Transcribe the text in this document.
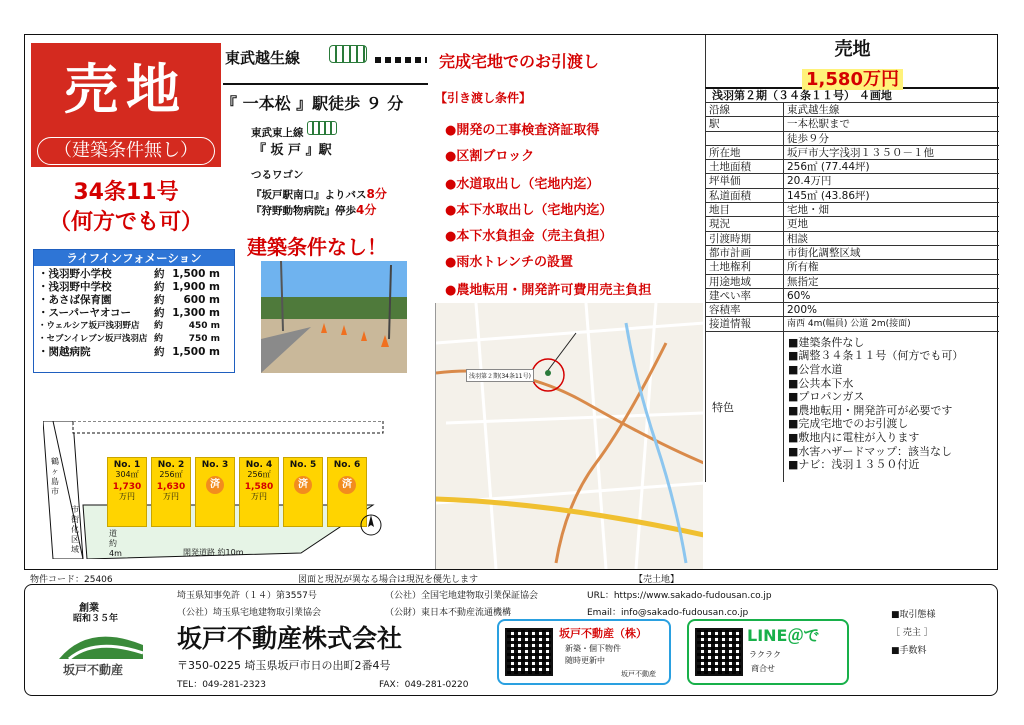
売地
（建築条件無し）
34条11号
（何方でも可）
東武越生線
『 一本松 』駅徒歩 ９ 分
東武東上線
『 坂 戸 』駅
つるワゴン
『坂戸駅南口』よりバス8分
『狩野動物病院』停歩4分
建築条件なし！
完成宅地でのお引渡し
【引き渡し条件】
●開発の工事検査済証取得
●区割ブロック
●水道取出し（宅地内迄）
●本下水取出し（宅地内迄）
●本下水負担金（売主負担）
●雨水トレンチの設置
●農地転用・開発許可費用売主負担
ライフインフォメーション
・浅羽野小学校	約 1,500 m
・浅羽野中学校	約 1,900 m
・あさば保育園	約	600 m
・スーパーヤオコー	約 1,300 m
・ウェルシア坂戸浅羽野店	約	450 m
・セブンイレブン坂戸浅羽店 約	750 m
・関越病院	約 1,500 m
浅羽第２期(34条11号)
鶴ヶ島市
市街化区域
道約4m	開発道路 約10m
No. 1
304㎡
1,730
万円
No. 2
256㎡
1,630
万円
No. 3
済
No. 4
256㎡
1,580
万円
No. 5
済
No. 6
済
売地
1,580万円
浅羽第２期（３４条１１号） ４画地
沿線	東武越生線
駅	一本松駅まで
徒歩９分
所在地	坂戸市大字浅羽１３５０－１他
土地面積	256㎡ (77.44坪)
坪単価	20.4万円
私道面積	145㎡ (43.86坪)
地目	宅地・畑
現況	更地
引渡時期	相談
都市計画	市街化調整区域
土地権利	所有権
用途地域	無指定
建ぺい率	60%
容積率	200%
接道情報	南西 4m(幅員) 公道 2m(接面)
特色
■建築条件なし
■調整３４条１１号（何方でも可）
■公営水道
■公共本下水
■プロパンガス
■農地転用・開発許可が必要です
■完成宅地でのお引渡し
■敷地内に電柱が入ります
■水害ハザードマップ：該当なし
■ナビ：浅羽１３５０付近
物件コード：25406	図面と現況が異なる場合は現況を優先します	【売土地】
創業
昭和３５年
坂戸不動産
埼玉県知事免許（１４）第3557号	（公社）全国宅地建物取引業保証協会
（公社）埼玉県宅地建物取引業協会	（公財）東日本不動産流通機構
URL：https://www.sakado-fudousan.co.jp
Email：info@sakado-fudousan.co.jp
坂戸不動産株式会社
〒350-0225 埼玉県坂戸市日の出町2番4号
TEL：049-281-2323	FAX：049-281-0220
坂戸不動産（株）
新築・個下物件
随時更新中
坂戸不動産
LINE＠で
ラクラク
商合せ
■取引態様
［ 売主 ］
■手数料
